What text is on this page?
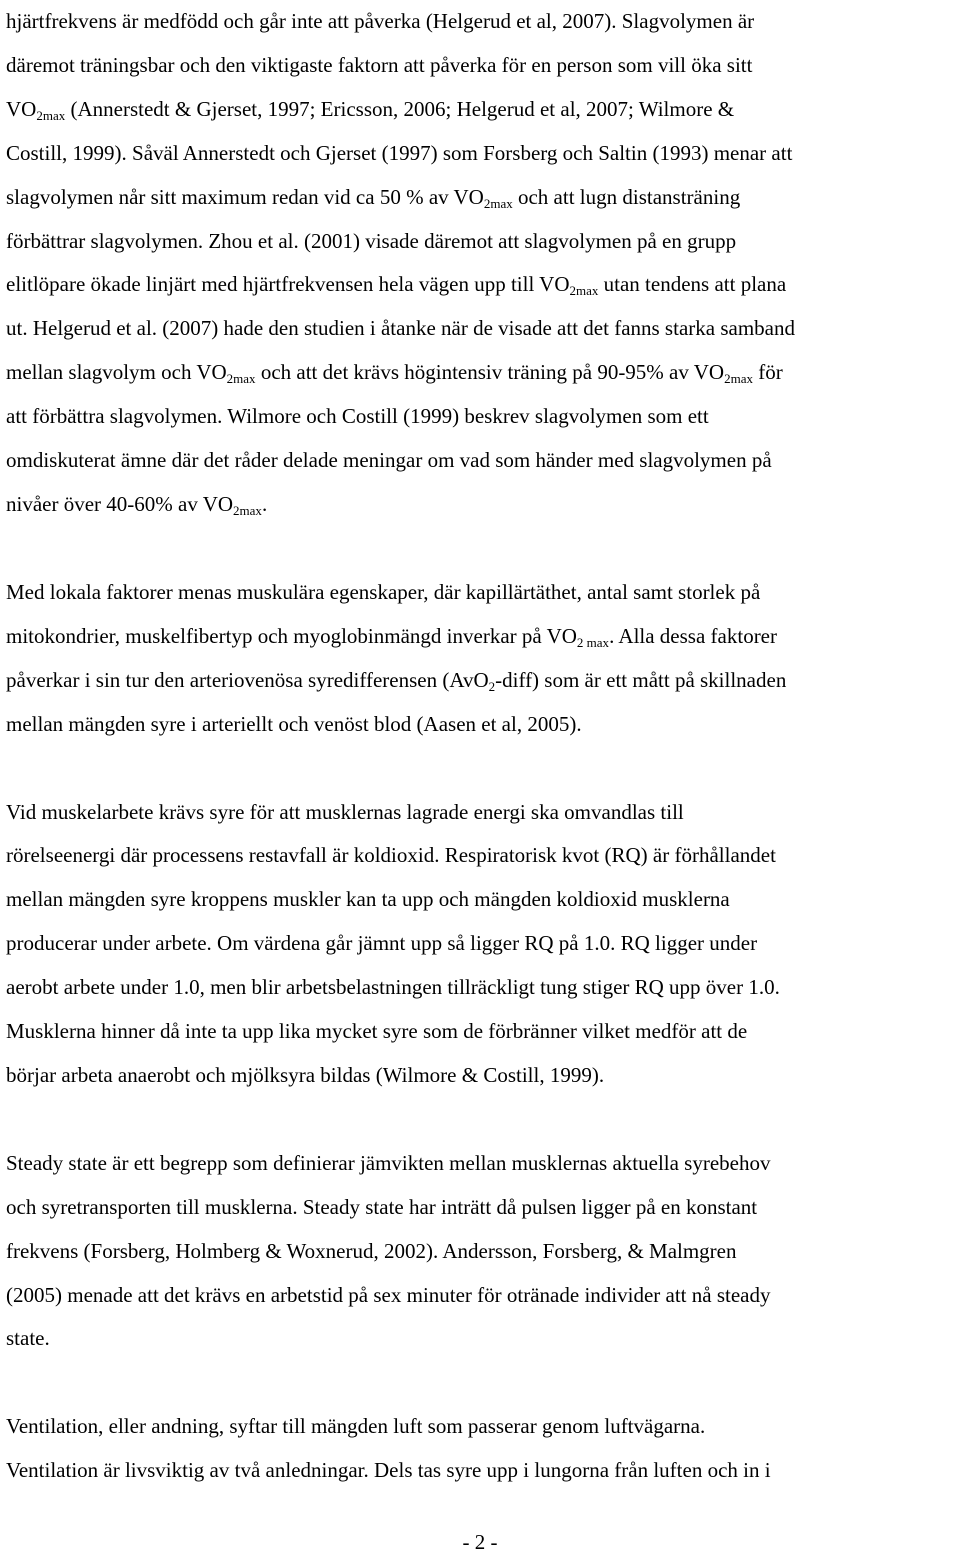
hjärtfrekvens är medfödd och går inte att påverka (Helgerud et al, 2007). Slagvolymen är
däremot träningsbar och den viktigaste faktorn att påverka för en person som vill öka sitt
$VO_{2max}$ (Annerstedt & Gjerset, 1997; Ericsson, 2006; Helgerud et al, 2007; Wilmore &
Costill, 1999). Såväl Annerstedt och Gjerset (1997) som Forsberg och Saltin (1993) menar att
slagvolymen når sitt maximum redan vid ca 50 % av $VO_{2max}$ och att lugn distansträning
förbättrar slagvolymen. Zhou et al. (2001) visade däremot att slagvolymen på en grupp
elitlöpare ökade linjärt med hjärtfrekvensen hela vägen upp till $VO_{2max}$ utan tendens att plana
ut. Helgerud et al. (2007) hade den studien i åtanke när de visade att det fanns starka samband
mellan slagvolym och $VO_{2max}$ och att det krävs högintensiv träning på 90-95% av $VO_{2max}$ för
att förbättra slagvolymen. Wilmore och Costill (1999) beskrev slagvolymen som ett
omdiskuterat ämne där det råder delade meningar om vad som händer med slagvolymen på
nivåer över 40-60% av $VO_{2max}$.

Med lokala faktorer menas muskulära egenskaper, där kapillärtäthet, antal samt storlek på
mitokondrier, muskelfibertyp och myoglobinmängd inverkar på $VO_{2 max}$. Alla dessa faktorer
påverkar i sin tur den arteriovenösa syredifferensen (AvO$_2$-diff) som är ett mått på skillnaden
mellan mängden syre i arteriellt och venöst blod (Aasen et al, 2005).

Vid muskelarbete krävs syre för att musklernas lagrade energi ska omvandlas till
rörelseenergi där processens restavfall är koldioxid. Respiratorisk kvot (RQ) är förhållandet
mellan mängden syre kroppens muskler kan ta upp och mängden koldioxid musklerna
producerar under arbete. Om värdena går jämnt upp så ligger RQ på 1.0. RQ ligger under
aerobt arbete under 1.0, men blir arbetsbelastningen tillräckligt tung stiger RQ upp över 1.0.
Musklerna hinner då inte ta upp lika mycket syre som de förbränner vilket medför att de
börjar arbeta anaerobt och mjölksyra bildas (Wilmore & Costill, 1999).

Steady state är ett begrepp som definierar jämvikten mellan musklernas aktuella syrebehov
och syretransporten till musklerna. Steady state har inträtt då pulsen ligger på en konstant
frekvens (Forsberg, Holmberg & Woxnerud, 2002). Andersson, Forsberg, & Malmgren
(2005) menade att det krävs en arbetstid på sex minuter för otränade individer att nå steady
state.

Ventilation, eller andning, syftar till mängden luft som passerar genom luftvägarna.
Ventilation är livsviktig av två anledningar. Dels tas syre upp i lungorna från luften och in i

- 2 -
